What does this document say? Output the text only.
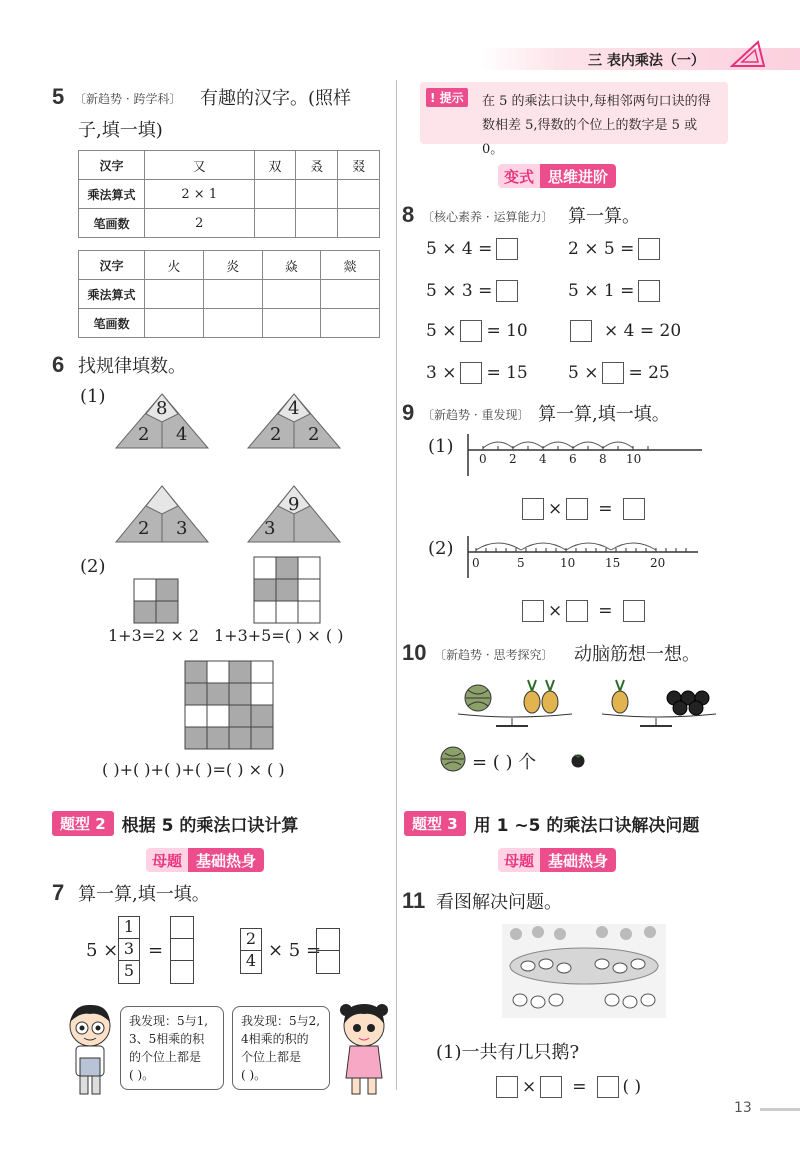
三 表内乘法（一）
5 〔新趋势 · 跨学科〕 有趣的汉字。(照样
子,填一填)
汉字	又	双	叒	叕
乘法算式	2 × 1			
笔画数	2			
汉字	火	炎	焱	燚
乘法算式				
笔画数				
6 找规律填数。
(1)
8
2 4
4
2 2
2 3
9
3
(2)
1+3=2 × 2 1+3+5=( ) × ( )
( )+( )+( )+( )=( ) × ( )
题型 2 根据 5 的乘法口诀计算
母题 基础热身
7 算一算,填一填。
5 ×
1
3
5
=
2
4 × 5 =
我发现：5与1,
3、5相乘的积
的个位上都是
( )。
我发现：5与2,
4相乘的积的
个位上都是
( )。
! 提示	在 5 的乘法口诀中,每相邻两句口诀的得数相差 5,得数的个位上的数字是 5 或 0。
变式 思维进阶
8 〔核心素养 · 运算能力〕 算一算。
5 × 4 =	2 × 5 =
5 × 3 =	5 × 1 =
5 × = 10	× 4 = 20
3 × = 15 5 × = 25
9 〔新趋势 · 重发现〕 算一算,填一填。
(1)
0 2 4 6 8 10
× =
(2)
0	5	10 15 20
× =
10 〔新趋势 · 思考探究〕 动脑筋想一想。
= ( ) 个
题型 3 用 1 ~5 的乘法口诀解决问题
母题 基础热身
11 看图解决问题。
(1)一共有几只鹅?
× = ( )
13
